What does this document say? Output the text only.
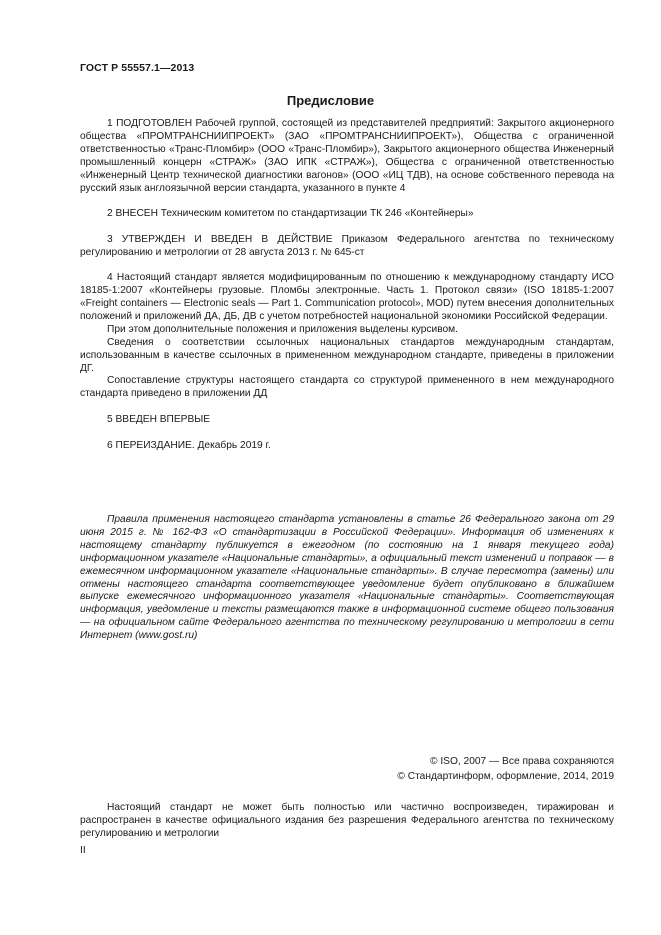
ГОСТ Р 55557.1—2013
Предисловие

1 ПОДГОТОВЛЕН Рабочей группой, состоящей из представителей предприятий: Закрытого акционерного общества «ПРОМТРАНСНИИПРОЕКТ» (ЗАО «ПРОМТРАНСНИИПРОЕКТ»), Общества с ограниченной ответственностью «Транс-Пломбир» (ООО «Транс-Пломбир»), Закрытого акционерного общества Инженерный промышленный концерн «СТРАЖ» (ЗАО ИПК «СТРАЖ»), Общества с ограниченной ответственностью «Инженерный Центр технической диагностики вагонов» (ООО «ИЦ ТДВ), на основе собственного перевода на русский язык англоязычной версии стандарта, указанного в пункте 4

2 ВНЕСЕН Техническим комитетом по стандартизации ТК 246 «Контейнеры»

3 УТВЕРЖДЕН И ВВЕДЕН В ДЕЙСТВИЕ Приказом Федерального агентства по техническому регулированию и метрологии от 28 августа 2013 г. № 645-ст

4 Настоящий стандарт является модифицированным по отношению к международному стандарту ИСО 18185-1:2007 «Контейнеры грузовые. Пломбы электронные. Часть 1. Протокол связи» (ISO 18185-1:2007 «Freight containers — Electronic seals — Part 1. Communication protocol», MOD) путем внесения дополнительных положений и приложений ДА, ДБ, ДВ с учетом потребностей национальной экономики Российской Федерации.

При этом дополнительные положения и приложения выделены курсивом.

Сведения о соответствии ссылочных национальных стандартов международным стандартам, использованным в качестве ссылочных в примененном международном стандарте, приведены в приложении ДГ.

Сопоставление структуры настоящего стандарта со структурой примененного в нем международного стандарта приведено в приложении ДД

5 ВВЕДЕН ВПЕРВЫЕ

6 ПЕРЕИЗДАНИЕ. Декабрь 2019 г.

Правила применения настоящего стандарта установлены в статье 26 Федерального закона от 29 июня 2015 г. № 162-ФЗ «О стандартизации в Российской Федерации». Информация об изменениях к настоящему стандарту публикуется в ежегодном (по состоянию на 1 января текущего года) информационном указателе «Национальные стандарты», а официальный текст изменений и поправок — в ежемесячном информационном указателе «Национальные стандарты». В случае пересмотра (замены) или отмены настоящего стандарта соответствующее уведомление будет опубликовано в ближайшем выпуске ежемесячного информационного указателя «Национальные стандарты». Соответствующая информация, уведомление и тексты размещаются также в информационной системе общего пользования — на официальном сайте Федерального агентства по техническому регулированию и метрологии в сети Интернет (www.gost.ru)

© ISO, 2007 — Все права сохраняются
© Стандартинформ, оформление, 2014, 2019

Настоящий стандарт не может быть полностью или частично воспроизведен, тиражирован и распространен в качестве официального издания без разрешения Федерального агентства по техническому регулированию и метрологии

II
